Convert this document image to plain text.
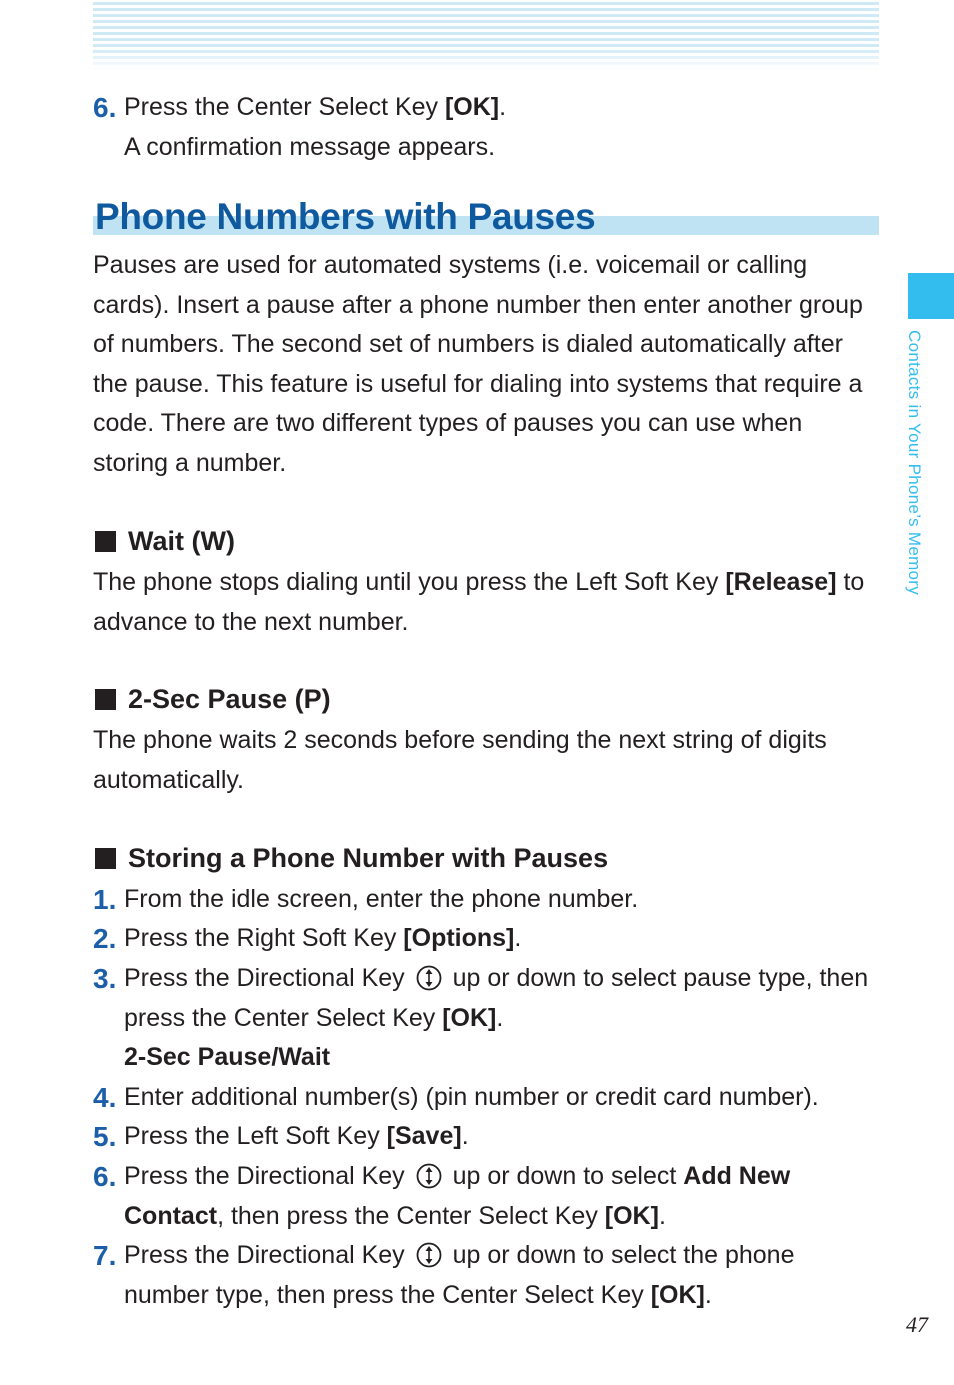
Contacts in Your Phone’s Memory
6. Press the Center Select Key [OK].
A confirmation message appears.
Phone Numbers with Pauses
Pauses are used for automated systems (i.e. voicemail or calling cards). Insert a pause after a phone number then enter another group of numbers. The second set of numbers is dialed automatically after the pause. This feature is useful for dialing into systems that require a code. There are two different types of pauses you can use when storing a number.
Wait (W)
The phone stops dialing until you press the Left Soft Key [Release] to advance to the next number.
2-Sec Pause (P)
The phone waits 2 seconds before sending the next string of digits automatically.
Storing a Phone Number with Pauses
1. From the idle screen, enter the phone number.
2. Press the Right Soft Key [Options].
3. Press the Directional Key  up or down to select pause type, then press the Center Select Key [OK].
2-Sec Pause/Wait
4. Enter additional number(s) (pin number or credit card number).
5. Press the Left Soft Key [Save].
6. Press the Directional Key  up or down to select Add New Contact, then press the Center Select Key [OK].
7. Press the Directional Key  up or down to select the phone number type, then press the Center Select Key [OK].
47
